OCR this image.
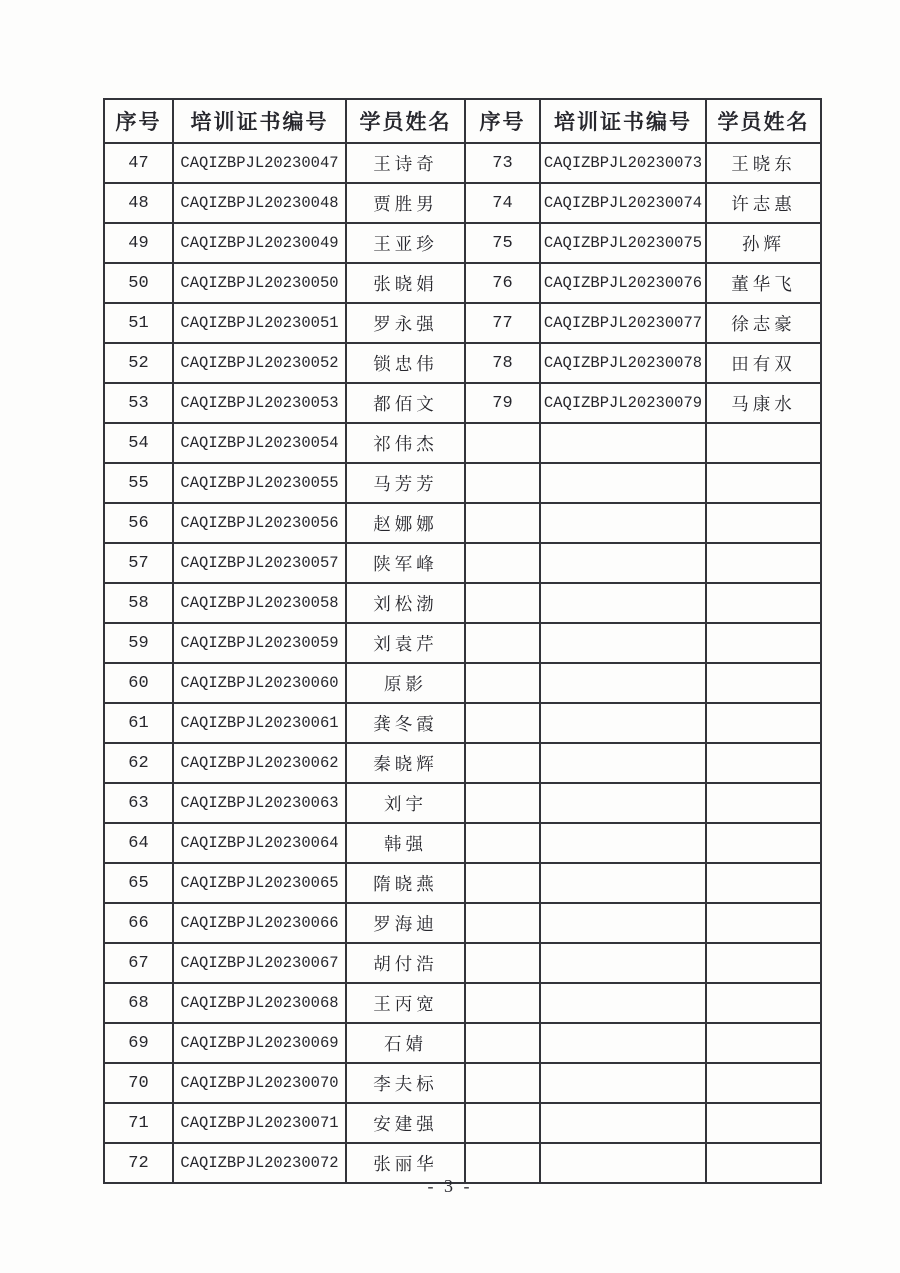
序号	培训证书编号	学员姓名	序号	培训证书编号	学员姓名
47	CAQIZBPJL20230047	王诗奇	73	CAQIZBPJL20230073	王晓东
48	CAQIZBPJL20230048	贾胜男	74	CAQIZBPJL20230074	许志惠
49	CAQIZBPJL20230049	王亚珍	75	CAQIZBPJL20230075	孙辉
50	CAQIZBPJL20230050	张晓娟	76	CAQIZBPJL20230076	董华飞
51	CAQIZBPJL20230051	罗永强	77	CAQIZBPJL20230077	徐志豪
52	CAQIZBPJL20230052	锁忠伟	78	CAQIZBPJL20230078	田有双
53	CAQIZBPJL20230053	都佰文	79	CAQIZBPJL20230079	马康水
54	CAQIZBPJL20230054	祁伟杰			
55	CAQIZBPJL20230055	马芳芳			
56	CAQIZBPJL20230056	赵娜娜			
57	CAQIZBPJL20230057	陕军峰			
58	CAQIZBPJL20230058	刘松渤			
59	CAQIZBPJL20230059	刘袁芹			
60	CAQIZBPJL20230060	原影			
61	CAQIZBPJL20230061	龚冬霞			
62	CAQIZBPJL20230062	秦晓辉			
63	CAQIZBPJL20230063	刘宇			
64	CAQIZBPJL20230064	韩强			
65	CAQIZBPJL20230065	隋晓燕			
66	CAQIZBPJL20230066	罗海迪			
67	CAQIZBPJL20230067	胡付浩			
68	CAQIZBPJL20230068	王丙宽			
69	CAQIZBPJL20230069	石婧			
70	CAQIZBPJL20230070	李夫标			
71	CAQIZBPJL20230071	安建强			
72	CAQIZBPJL20230072	张丽华			
- 3 -
